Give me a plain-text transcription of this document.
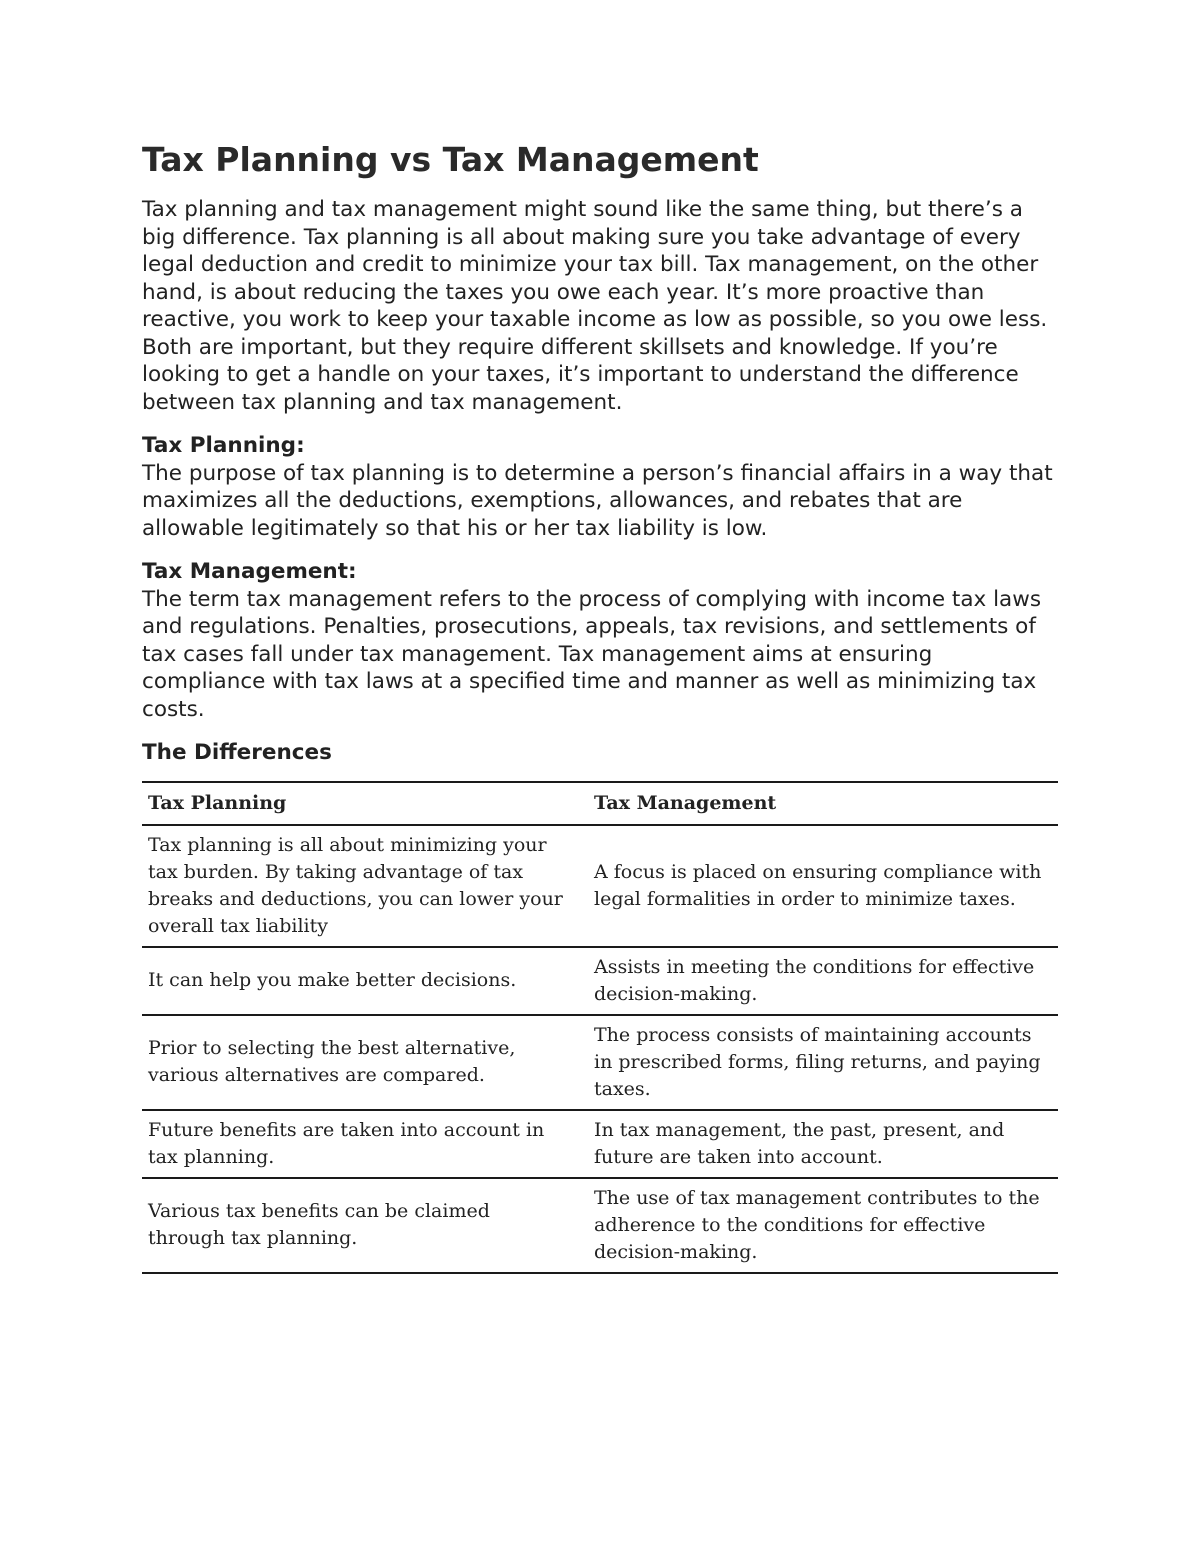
Tax Planning vs Tax Management

Tax planning and tax management might sound like the same thing, but there’s a big difference. Tax planning is all about making sure you take advantage of every legal deduction and credit to minimize your tax bill. Tax management, on the other hand, is about reducing the taxes you owe each year. It’s more proactive than reactive, you work to keep your taxable income as low as possible, so you owe less. Both are important, but they require different skillsets and knowledge. If you’re looking to get a handle on your taxes, it’s important to understand the difference between tax planning and tax management.

Tax Planning:

The purpose of tax planning is to determine a person’s financial affairs in a way that maximizes all the deductions, exemptions, allowances, and rebates that are allowable legitimately so that his or her tax liability is low.

Tax Management:

The term tax management refers to the process of complying with income tax laws and regulations. Penalties, prosecutions, appeals, tax revisions, and settlements of tax cases fall under tax management. Tax management aims at ensuring compliance with tax laws at a specified time and manner as well as minimizing tax costs.

The Differences

Tax Planning	Tax Management
Tax planning is all about minimizing your tax burden. By taking advantage of tax breaks and deductions, you can lower your overall tax liability	A focus is placed on ensuring compliance with legal formalities in order to minimize taxes.
It can help you make better decisions.	Assists in meeting the conditions for effective decision-making.
Prior to selecting the best alternative, various alternatives are compared.	The process consists of maintaining accounts in prescribed forms, filing returns, and paying taxes.
Future benefits are taken into account in tax planning.	In tax management, the past, present, and future are taken into account.
Various tax benefits can be claimed through tax planning.	The use of tax management contributes to the adherence to the conditions for effective decision-making.
